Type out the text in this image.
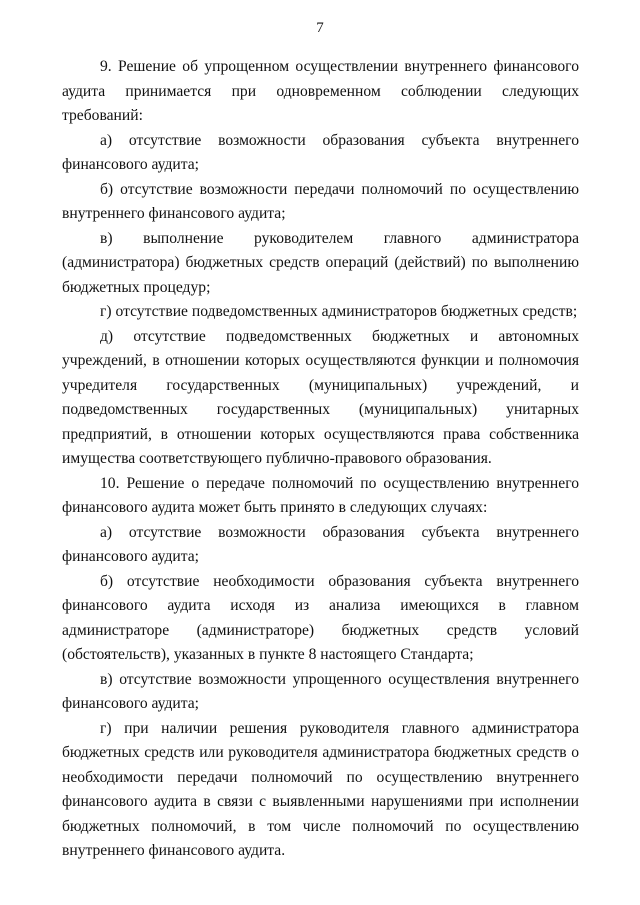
7

9. Решение об упрощенном осуществлении внутреннего финансового аудита принимается при одновременном соблюдении следующих требований:

а) отсутствие возможности образования субъекта внутреннего финансового аудита;

б) отсутствие возможности передачи полномочий по осуществлению внутреннего финансового аудита;

в) выполнение руководителем главного администратора (администратора) бюджетных средств операций (действий) по выполнению бюджетных процедур;

г) отсутствие подведомственных администраторов бюджетных средств;

д) отсутствие подведомственных бюджетных и автономных учреждений, в отношении которых осуществляются функции и полномочия учредителя государственных (муниципальных) учреждений, и подведомственных государственных (муниципальных) унитарных предприятий, в отношении которых осуществляются права собственника имущества соответствующего публично-правового образования.

10. Решение о передаче полномочий по осуществлению внутреннего финансового аудита может быть принято в следующих случаях:

а) отсутствие возможности образования субъекта внутреннего финансового аудита;

б) отсутствие необходимости образования субъекта внутреннего финансового аудита исходя из анализа имеющихся в главном администраторе (администраторе) бюджетных средств условий (обстоятельств), указанных в пункте 8 настоящего Стандарта;

в) отсутствие возможности упрощенного осуществления внутреннего финансового аудита;

г) при наличии решения руководителя главного администратора бюджетных средств или руководителя администратора бюджетных средств о необходимости передачи полномочий по осуществлению внутреннего финансового аудита в связи с выявленными нарушениями при исполнении бюджетных полномочий, в том числе полномочий по осуществлению внутреннего финансового аудита.
